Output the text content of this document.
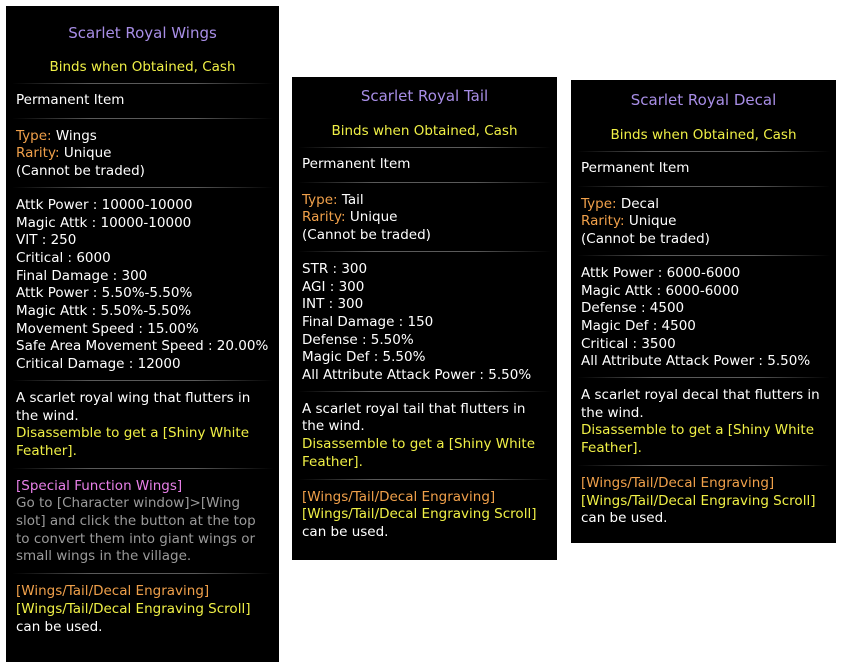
Scarlet Royal Wings

Binds when Obtained, Cash

Permanent Item

Type: Wings

Rarity: Unique

(Cannot be traded)

Attk Power : 10000-10000

Magic Attk : 10000-10000

VIT : 250

Critical : 6000

Final Damage : 300

Attk Power : 5.50%-5.50%

Magic Attk : 5.50%-5.50%

Movement Speed : 15.00%

Safe Area Movement Speed : 20.00%

Critical Damage : 12000

A scarlet royal wing that flutters in the wind.

Disassemble to get a [Shiny White Feather].

[Special Function Wings]

Go to [Character window]>[Wing slot] and click the button at the top to convert them into giant wings or small wings in the village.

[Wings/Tail/Decal Engraving]

[Wings/Tail/Decal Engraving Scroll]

can be used.

Scarlet Royal Tail

Binds when Obtained, Cash

Permanent Item

Type: Tail

Rarity: Unique

(Cannot be traded)

STR : 300

AGI : 300

INT : 300

Final Damage : 150

Defense : 5.50%

Magic Def : 5.50%

All Attribute Attack Power : 5.50%

A scarlet royal tail that flutters in the wind.

Disassemble to get a [Shiny White Feather].

[Wings/Tail/Decal Engraving]

[Wings/Tail/Decal Engraving Scroll]

can be used.

Scarlet Royal Decal

Binds when Obtained, Cash

Permanent Item

Type: Decal

Rarity: Unique

(Cannot be traded)

Attk Power : 6000-6000

Magic Attk : 6000-6000

Defense : 4500

Magic Def : 4500

Critical : 3500

All Attribute Attack Power : 5.50%

A scarlet royal decal that flutters in the wind.

Disassemble to get a [Shiny White Feather].

[Wings/Tail/Decal Engraving]

[Wings/Tail/Decal Engraving Scroll]

can be used.
